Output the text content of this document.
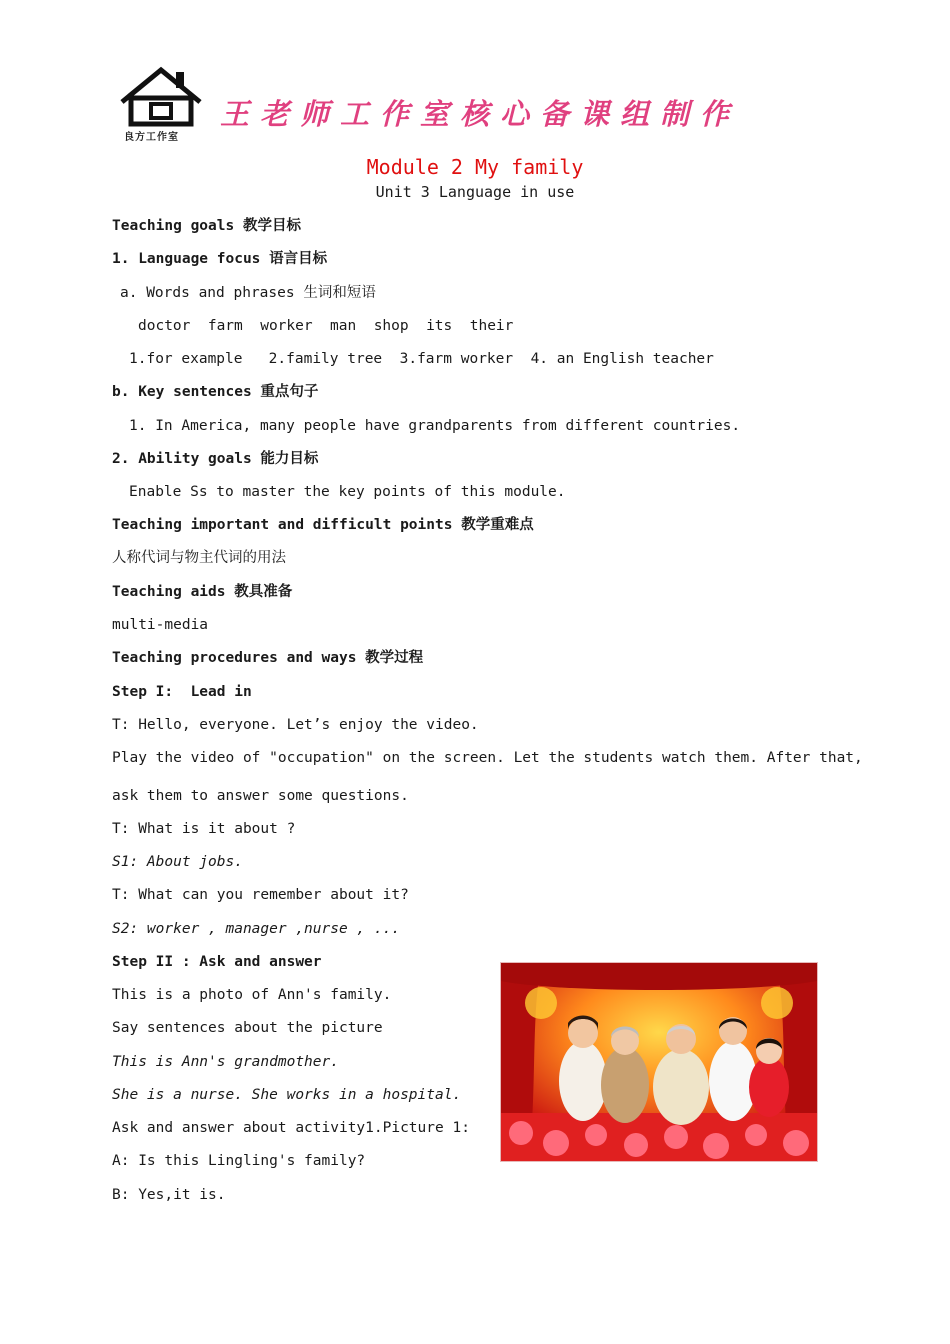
良方工作室
王老师工作室核心备课组制作
Module 2 My family
Unit 3 Language in use
Teaching goals 教学目标
1. Language focus 语言目标
a. Words and phrases 生词和短语
doctor  farm  worker  man  shop  its  their
1.for example   2.family tree  3.farm worker  4. an English teacher
b. Key sentences 重点句子
1. In America, many people have grandparents from different countries.
2. Ability goals 能力目标
Enable Ss to master the key points of this module.
Teaching important and difficult points 教学重难点
人称代词与物主代词的用法
Teaching aids 教具准备
multi-media
Teaching procedures and ways 教学过程
Step I:  Lead in
T: Hello, everyone. Let’s enjoy the video.
Play the video of "occupation" on the screen. Let the students watch them. After that,
ask them to answer some questions.
T: What is it about ?
S1: About jobs.
T: What can you remember about it?
S2: worker , manager ,nurse , ...
Step II : Ask and answer
This is a photo of Ann's family.
Say sentences about the picture
This is Ann's grandmother.
She is a nurse. She works in a hospital.
Ask and answer about activity1.Picture 1:
A: Is this Lingling's family?
B: Yes,it is.
